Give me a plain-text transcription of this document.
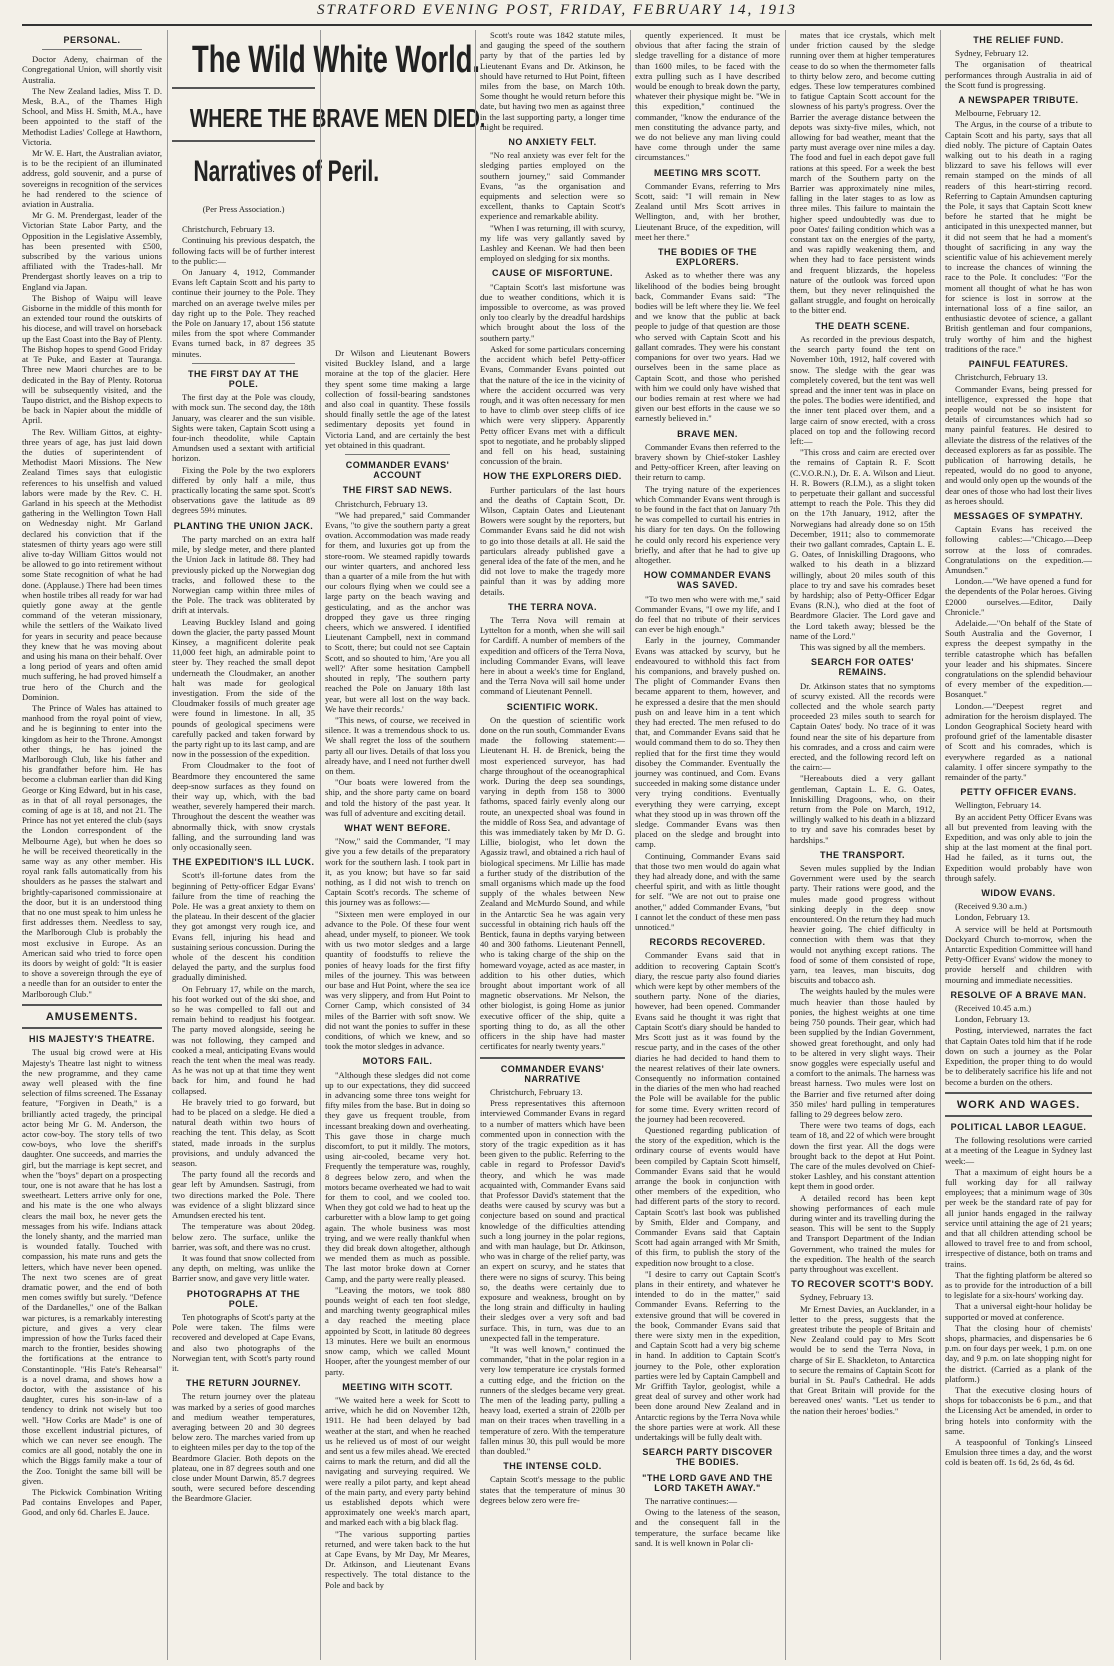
STRATFORD EVENING POST, FRIDAY, FEBRUARY 14, 1913
PERSONAL.

Doctor Adeny, chairman of the Congregational Union, will shortly visit Australia.

The New Zealand ladies, Miss T. D. Mesk, B.A., of the Thames High School, and Miss H. Smith, M.A., have been appointed to the staff of the Methodist Ladies' College at Hawthorn, Victoria.

Mr W. E. Hart, the Australian aviator, is to be the recipient of an illuminated address, gold souvenir, and a purse of sovereigns in recognition of the services he had rendered to the science of aviation in Australia.

Mr G. M. Prendergast, leader of the Victorian State Labor Party, and the Opposition in the Legislative Assembly, has been presented with £500, subscribed by the various unions affiliated with the Trades-hall. Mr Prendergast shortly leaves on a trip to England via Japan.

The Bishop of Waipu will leave Gisborne in the middle of this month for an extended tour round the outskirts of his diocese, and will travel on horseback up the East Coast into the Bay of Plenty. The Bishop hopes to spend Good Friday at Te Puke, and Easter at Tauranga. Three new Maori churches are to be dedicated in the Bay of Plenty. Rotorua will be subsequently visited, and the Taupo district, and the Bishop expects to be back in Napier about the middle of April.

The Rev. William Gittos, at eighty-three years of age, has just laid down the duties of superintendent of Methodist Maori Missions. The New Zealand Times says that eulogistic references to his unselfish and valued labors were made by the Rev. C. H. Garland in his speech at the Methodist gathering in the Wellington Town Hall on Wednesday night. Mr Garland declared his conviction that if the statesmen of thirty years ago were still alive to-day William Gittos would not be allowed to go into retirement without some State recognition of what he had done. (Applause.) There had been times when hostile tribes all ready for war had quietly gone away at the gentle command of the veteran missionary, while the settlers of the Waikato lived for years in security and peace because they knew that he was moving about and using his mana on their behalf. Over a long period of years and often amid much suffering, he had proved himself a true hero of the Church and the Dominion.

The Prince of Wales has attained to manhood from the royal point of view, and he is beginning to enter into the kingdom as heir to the Throne. Amongst other things, he has joined the Marlborough Club, like his father and his grandfather before him. He has become a clubman earlier than did King George or King Edward, but in his case, as in that of all royal personages, the coming of age is at 18, and not 21. The Prince has not yet entered the club (says the London correspondent of the Melbourne Age), but when he does so he will be received theoretically in the same way as any other member. His royal rank falls automatically from his shoulders as he passes the stalwart and brightly-caparisoned commissionaire at the door, but it is an understood thing that no one must speak to him unless he first addresses them. Needless to say, the Marlborough Club is probably the most exclusive in Europe. As an American said who tried to force open its doors by weight of gold: "It is easier to shove a sovereign through the eye of a needle than for an outsider to enter the Marlborough Club."

AMUSEMENTS.
HIS MAJESTY'S THEATRE.

The usual big crowd were at His Majesty's Theatre last night to witness the new programme, and they came away well pleased with the fine selection of films screened. The Essanay feature, "Forgiven in Death," is a brilliantly acted tragedy, the principal actor being Mr G. M. Anderson, the actor cow-boy. The story tells of two cow-boys, who love the sheriff's daughter. One succeeds, and marries the girl, but the marriage is kept secret, and when the "boys" depart on a prospecting tour, one is not aware that he has lost a sweetheart. Letters arrive only for one, and his mate is the one who always clears the mail box, he never gets the messages from his wife. Indians attack the lonely shanty, and the married man is wounded fatally. Touched with compassion, his mate runs and gets the letters, which have never been opened. The next two scenes are of great dramatic power, and the end of both men comes swiftly but surely. "Defence of the Dardanelles," one of the Balkan war pictures, is a remarkably interesting picture, and gives a very clear impression of how the Turks faced their march to the frontier, besides showing the fortifications at the entrance to Constantinople. "His Fate's Rehearsal" is a novel drama, and shows how a doctor, with the assistance of his daughter, cures his son-in-law of a tendency to drink not wisely but too well. "How Corks are Made" is one of those excellent industrial pictures, of which we can never see enough. The comics are all good, notably the one in which the Biggs family make a tour of the Zoo. Tonight the same bill will be given.

The Pickwick Combination Writing Pad contains Envelopes and Paper, Good, and only 6d. Charles E. Jauce.

The Wild White World.
WHERE THE BRAVE MEN DIED.
Narratives of Peril.
(Per Press Association.)

Christchurch, February 13.

Continuing his previous despatch, the following facts will be of further interest to the public:—

On January 4, 1912, Commander Evans left Captain Scott and his party to continue their journey to the Pole. They marched on an average twelve miles per day right up to the Pole. They reached the Pole on January 17, about 156 statute miles from the spot where Commander Evans turned back, in 87 degrees 35 minutes.

THE FIRST DAY AT THE POLE.

The first day at the Pole was cloudy, with mock sun. The second day, the 18th January, was clearer and the sun visible. Sights were taken, Captain Scott using a four-inch theodolite, while Captain Amundsen used a sextant with artificial horizon.

Fixing the Pole by the two explorers differed by only half a mile, thus practically locating the same spot. Scott's observations gave the latitude as 89 degrees 59½ minutes.

PLANTING THE UNION JACK.

The party marched on an extra half mile, by sledge meter, and there planted the Union Jack in latitude 88. They had previously picked up the Norwegian dog tracks, and followed these to the Norwegian camp within three miles of the Pole. The track was obliterated by drift at intervals.

Leaving Buckley Island and going down the glacier, the party passed Mount Kinsey, a magnificent dolerite peak 11,000 feet high, an admirable point to steer by. They reached the small depot underneath the Cloudmaker, an another halt was made for geological investigation. From the side of the Cloudmaker fossils of much greater age were found in limestone. In all, 35 pounds of geological specimens were carefully packed and taken forward by the party right up to its last camp, and are now in the possession of the expedition.

From Cloudmaker to the foot of Beardmore they encountered the same deep-snow surfaces as they found on their way up, which, with the bad weather, severely hampered their march. Throughout the descent the weather was abnormally thick, with snow crystals falling, and the surrounding land was only occasionally seen.

THE EXPEDITION'S ILL LUCK.

Scott's ill-fortune dates from the beginning of Petty-officer Edgar Evans' failure from the time of reaching the Pole. He was a great anxiety to them on the plateau. In their descent of the glacier they got amongst very rough ice, and Evans fell, injuring his head and sustaining serious concussion. During the whole of the descent his condition delayed the party, and the surplus food gradually diminished.

On February 17, while on the march, his foot worked out of the ski shoe, and so he was compelled to fall out and remain behind to readjust his footgear. The party moved alongside, seeing he was not following, they camped and cooked a meal, anticipating Evans would reach the tent when the meal was ready. As he was not up at that time they went back for him, and found he had collapsed.

He bravely tried to go forward, but had to be placed on a sledge. He died a natural death within two hours of reaching the tent. This delay, as Scott stated, made inroads in the surplus provisions, and unduly advanced the season.

The party found all the records and gear left by Amundsen. Sastrugi, from two directions marked the Pole. There was evidence of a slight blizzard since Amundsen erected his tent.

The temperature was about 20deg. below zero. The surface, unlike the barrier, was soft, and there was no crust.

It was found that snow collected from any depth, on melting, was unlike the Barrier snow, and gave very little water.

PHOTOGRAPHS AT THE POLE.

Ten photographs of Scott's party at the Pole were taken. The films were recovered and developed at Cape Evans, and also two photographs of the Norwegian tent, with Scott's party round it.

THE RETURN JOURNEY.

The return journey over the plateau was marked by a series of good marches and medium weather temperatures, averaging between 20 and 30 degrees below zero. The marches varied from up to eighteen miles per day to the top of the Beardmore Glacier. Both depots on the plateau, one in 87 degrees south and one close under Mount Darwin, 85.7 degrees south, were secured before descending the Beardmore Glacier.

Dr Wilson and Lieutenant Bowers visited Buckley Island, and a large moraine at the top of the glacier. Here they spent some time making a large collection of fossil-bearing sandstones and also coal in quantity. These fossils should finally settle the age of the latest sedimentary deposits yet found in Victoria Land, and are certainly the best yet obtained in this quadrant.

COMMANDER EVANS' ACCOUNT
THE FIRST SAD NEWS.

Christchurch, February 13.

"We had prepared," said Commander Evans, "to give the southern party a great ovation. Accommodation was made ready for them, and luxuries got up from the store-room. We steamed rapidly towards our winter quarters, and anchored less than a quarter of a mile from the hut with our colours flying when we could see a large party on the beach waving and gesticulating, and as the anchor was dropped they gave us three ringing cheers, which we answered. I identified Lieutenant Campbell, next in command to Scott, there; but could not see Captain Scott, and so shouted to him, 'Are you all well?' After some hesitation Campbell shouted in reply, 'The southern party reached the Pole on January 18th last year, but were all lost on the way back. We have their records.'

"This news, of course, we received in silence. It was a tremendous shock to us. We shall regret the loss of the southern party all our lives. Details of that loss you already have, and I need not further dwell on them.

"Our boats were lowered from the ship, and the shore party came on board and told the history of the past year. It was full of adventure and exciting detail.

WHAT WENT BEFORE.

"Now," said the Commander, "I may give you a few details of the preparatory work for the southern lash. I took part in it, as you know; but have so far said nothing, as I did not wish to trench on Captain Scott's records. The scheme of this journey was as follows:—

"Sixteen men were employed in our advance to the Pole. Of these four went ahead, under myself, to pioneer. We took with us two motor sledges and a large quantity of foodstuffs to relieve the ponies of heavy loads for the first fifty miles of the journey. This was between our base and Hut Point, where the sea ice was very slippery, and from Hut Point to Corner Camp, which consisted of 34 miles of the Barrier with soft snow. We did not want the ponies to suffer in these conditions, of which we knew, and so took the motor sledges in advance.

MOTORS FAIL.

"Although these sledges did not come up to our expectations, they did succeed in advancing some three tons weight for fifty miles from the base. But in doing so they gave us frequent trouble, from incessant breaking down and overheating. This gave those in charge much discomfort, to put it mildly. The motors, using air-cooled, became very hot. Frequently the temperature was, roughly, 8 degrees below zero, and when the motors became overheated we had to wait for them to cool, and we cooled too. When they got cold we had to heat up the carburetter with a blow lamp to get going again. The whole business was most trying, and we were really thankful when they did break down altogether, although we mended them as much as possible. The last motor broke down at Corner Camp, and the party were really pleased.

"Leaving the motors, we took 880 pounds weight of each ten foot sledge, and marching twenty geographical miles a day reached the meeting place appointed by Scott, in latitude 80 degrees 13 minutes. Here we built an enormous snow camp, which we called Mount Hooper, after the youngest member of our party.

MEETING WITH SCOTT.

"We waited here a week for Scott to arrive, which he did on November 12th, 1911. He had been delayed by bad weather at the start, and when he reached us he relieved us of most of our weight and sent us a few miles ahead. We erected cairns to mark the return, and did all the navigating and surveying required. We were really a pilot party, and kept ahead of the main party, and every party behind us established depots which were approximately one week's march apart, and marked each with a big black flag.

"The various supporting parties returned, and were taken back to the hut at Cape Evans, by Mr Day, Mr Meares, Dr. Atkinson, and Lieutenant Evans respectively. The total distance to the Pole and back by

Scott's route was 1842 statute miles, and gauging the speed of the southern party by that of the parties led by Lieutenant Evans and Dr. Atkinson, he should have returned to Hut Point, fifteen miles from the base, on March 10th. Some thought he would return before this date, but having two men as against three in the last supporting party, a longer time might be required.

NO ANXIETY FELT.

"No real anxiety was ever felt for the sledging parties employed on the southern journey," said Commander Evans, "as the organisation and equipments and selection were so excellent, thanks to Captain Scott's experience and remarkable ability.

"When I was returning, ill with scurvy, my life was very gallantly saved by Lashley and Keenan. We had then been employed on sledging for six months.

CAUSE OF MISFORTUNE.

"Captain Scott's last misfortune was due to weather conditions, which it is impossible to overcome, as was proved only too clearly by the dreadful hardships which brought about the loss of the southern party."

Asked for some particulars concerning the accident which befel Petty-officer Evans, Commander Evans pointed out that the nature of the ice in the vicinity of where the accident occurred was very rough, and it was often necessary for men to have to climb over steep cliffs of ice which were very slippery. Apparently Petty officer Evans met with a difficult spot to negotiate, and he probably slipped and fell on his head, sustaining concussion of the brain.

HOW THE EXPLORERS DIED.

Further particulars of the last hours and the deaths of Captain Scott, Dr. Wilson, Captain Oates and Lieutenant Bowers were sought by the reporters, but Commander Evans said he did not wish to go into those details at all. He said the particulars already published gave a general idea of the fate of the men, and he did not love to make the tragedy more painful than it was by adding more details.

THE TERRA NOVA.

The Terra Nova will remain at Lyttelton for a month, when she will sail for Cardiff. A number of members of the expedition and officers of the Terra Nova, including Commander Evans, will leave here in about a week's time for England, and the Terra Nova will sail home under command of Lieutenant Pennell.

SCIENTIFIC WORK.

On the question of scientific work done on the run south, Commander Evans made the following statement:—Lieutenant H. H. de Brenick, being the most experienced surveyor, has had charge throughout of the oceanographical work. During the deep sea soundings, varying in depth from 158 to 3000 fathoms, spaced fairly evenly along our route, an unexpected shoal was found in the middle of Ross Sea, and advantage of this was immediately taken by Mr D. G. Lillie, biologist, who let down the Agassiz trawl, and obtained a rich haul of biological specimens. Mr Lillie has made a further study of the distribution of the small organisms which made up the food supply of the whales between New Zealand and McMurdo Sound, and while in the Antarctic Sea he was again very successful in obtaining rich hauls off the Bentick, fauna in depths varying between 40 and 300 fathoms. Lieutenant Pennell, who is taking charge of the ship on the homeward voyage, acted as ace master, in addition to his other duties, which brought about important work of all magnetic observations. Mr Nelson, the other biologist, is going Home as junior executive officer of the ship, quite a sporting thing to do, as all the other officers in the ship have had master certificates for nearly twenty years."

COMMANDER EVANS' NARRATIVE

Christchurch, February 13.

Press representatives this afternoon interviewed Commander Evans in regard to a number of matters which have been commented upon in connection with the story of the tragic expedition as it has been given to the public. Referring to the cable in regard to Professor David's theory, and which he was made acquainted with, Commander Evans said that Professor David's statement that the deaths were caused by scurvy was but a conjecture based on sound and practical knowledge of the difficulties attending such a long journey in the polar regions, and with man haulage, but Dr. Atkinson, who was in charge of the relief party, was an expert on scurvy, and he states that there were no signs of scurvy. This being so, the deaths were certainly due to exposure and weakness, brought on by the long strain and difficulty in hauling their sledges over a very soft and bad surface. This, in turn, was due to an unexpected fall in the temperature.

"It was well known," continued the commander, "that in the polar region in a very low temperature ice crystals formed a cutting edge, and the friction on the runners of the sledges became very great. The men of the leading party, pulling a heavy load, exerted a strain of 220lb per man on their traces when travelling in a temperature of zero. With the temperature fallen minus 30, this pull would be more than doubled."

THE INTENSE COLD.

Captain Scott's message to the public states that the temperature of minus 30 degrees below zero were fre-

quently experienced. It must be obvious that after facing the strain of sledge travelling for a distance of more than 1600 miles, to be faced with the extra pulling such as I have described would be enough to break down the party, whatever their physique might be. "We in this expedition," continued the commander, "know the endurance of the men constituting the advance party, and we do not believe any man living could have come through under the same circumstances."

MEETING MRS SCOTT.

Commander Evans, referring to Mrs Scott, said: "I will remain in New Zealand until Mrs Scott arrives in Wellington, and, with her brother, Lieutenant Bruce, of the expedition, will meet her there."

THE BODIES OF THE EXPLORERS.

Asked as to whether there was any likelihood of the bodies being brought back, Commander Evans said: "The bodies will be left where they lie. We feel and we know that the public at back people to judge of that question are those who served with Captain Scott and his gallant comrades. They were his constant companions for over two years. Had we ourselves been in the same place as Captain Scott, and those who perished with him we could only have wished that our bodies remain at rest where we had given our best efforts in the cause we so earnestly believed in."

BRAVE MEN.

Commander Evans then referred to the bravery shown by Chief-stoker Lashley and Petty-officer Kreen, after leaving on their return to camp.

The trying nature of the experiences which Commander Evans went through is to be found in the fact that on January 7th he was compelled to curtail his entries in his diary for ten days. On the following he could only record his experience very briefly, and after that he had to give up altogether.

HOW COMMANDER EVANS WAS SAVED.

"To two men who were with me," said Commander Evans, "I owe my life, and I do feel that no tribute of their services can ever be high enough."

Early in the journey, Commander Evans was attacked by scurvy, but he endeavoured to withhold this fact from his companions, and bravely pushed on. The plight of Commander Evans then became apparent to them, however, and he expressed a desire that the men should push on and leave him in a tent which they had erected. The men refused to do that, and Commander Evans said that he would command them to do so. They then replied that for the first time they would disobey the Commander. Eventually the journey was continued, and Com. Evans succeeded in making some distance under very trying conditions. Eventually everything they were carrying, except what they stood up in was thrown off the sledge. Commander Evans was then placed on the sledge and brought into camp.

Continuing, Commander Evans said that those two men would do again what they had already done, and with the same cheerful spirit, and with as little thought for self. "We are not out to praise one another," added Commander Evans, "but I cannot let the conduct of these men pass unnoticed."

RECORDS RECOVERED.

Commander Evans said that in addition to recovering Captain Scott's diary, the rescue party also found diaries which were kept by other members of the southern party. None of the diaries, however, had been opened. Commander Evans said he thought it was right that Captain Scott's diary should be handed to Mrs Scott just as it was found by the rescue party, and in the cases of the other diaries he had decided to hand them to the nearest relatives of their late owners. Consequently no information contained in the diaries of the men who had reached the Pole will be available for the public for some time. Every written record of the journey had been recovered.

Questioned regarding publication of the story of the expedition, which is the ordinary course of events would have been compiled by Captain Scott himself, Commander Evans said that he would arrange the book in conjunction with other members of the expedition, who had different parts of the story to record. Captain Scott's last book was published by Smith, Elder and Company, and Commander Evans said that Captain Scott had again arranged with Mr Smith, of this firm, to publish the story of the expedition now brought to a close.

"I desire to carry out Captain Scott's plans in their entirety, and whatever he intended to do in the matter," said Commander Evans. Referring to the extensive ground that will be covered in the book, Commander Evans said that there were sixty men in the expedition, and Captain Scott had a very big scheme in hand. In addition to Captain Scott's journey to the Pole, other exploration parties were led by Captain Campbell and Mr Griffith Taylor, geologist, while a great deal of survey and other work had been done around New Zealand and in Antarctic regions by the Terra Nova while the shore parties were at work. All these undertakings will be fully dealt with.

SEARCH PARTY DISCOVER THE BODIES.
"THE LORD GAVE AND THE LORD TAKETH AWAY."

The narrative continues:—

Owing to the lateness of the season, and the consequent fall in the temperature, the surface became like sand. It is well known in Polar cli-

mates that ice crystals, which melt under friction caused by the sledge running over them at higher temperatures cease to do so when the thermometer falls to thirty below zero, and become cutting edges. These low temperatures combined to fatigue Captain Scott account for the slowness of his party's progress. Over the Barrier the average distance between the depots was sixty-five miles, which, not allowing for bad weather, meant that the party must average over nine miles a day. The food and fuel in each depot gave full rations at this speed. For a week the best march of the Southern party on the Barrier was approximately nine miles, falling in the later stages to as low as three miles. This failure to maintain the higher speed undoubtedly was due to poor Oates' failing condition which was a constant tax on the energies of the party, and was rapidly weakening them, and when they had to face persistent winds and frequent blizzards, the hopeless nature of the outlook was forced upon them, but they never relinquished the gallant struggle, and fought on heroically to the bitter end.

THE DEATH SCENE.

As recorded in the previous despatch, the search party found the tent on November 10th, 1912, half covered with snow. The sledge with the gear was completely covered, but the tent was well spread and the inner tent was in place on the poles. The bodies were identified, and the inner tent placed over them, and a large cairn of snow erected, with a cross placed on top and the following record left:—

"This cross and cairn are erected over the remains of Captain R. F. Scott (C.V.O.R.N.), Dr. E. A. Wilson and Lieut. H. R. Bowers (R.I.M.), as a slight token to perpetuate their gallant and successful attempt to reach the Pole. This they did on the 17th January, 1912, after the Norwegians had already done so on 15th December, 1911; also to commemorate their two gallant comrades, Captain L. E. G. Oates, of Inniskilling Dragoons, who walked to his death in a blizzard willingly, about 20 miles south of this place to try and save his comrades beset by hardship; also of Petty-Officer Edgar Evans (R.N.), who died at the foot of Beardmore Glacier. The Lord gave and the Lord taketh away; blessed be the name of the Lord."

This was signed by all the members.

SEARCH FOR OATES' REMAINS.

Dr. Atkinson states that no symptoms of scurvy existed. All the records were collected and the whole search party proceeded 23 miles south to search for Captain Oates' body. No trace of it was found near the site of his departure from his comrades, and a cross and cairn were erected, and the following record left on the cairn:—

"Hereabouts died a very gallant gentleman, Captain L. E. G. Oates, Inniskilling Dragoons, who, on their return from the Pole on March, 1912, willingly walked to his death in a blizzard to try and save his comrades beset by hardships."

THE TRANSPORT.

Seven mules supplied by the Indian Government were used by the search party. Their rations were good, and the mules made good progress without sinking deeply in the deep snow encountered. On the return they had much heavier going. The chief difficulty in connection with them was that they would not anything except rations. The food of some of them consisted of rope, yarn, tea leaves, man biscuits, dog biscuits and tobacco ash.

The weights hauled by the mules were much heavier than those hauled by ponies, the highest weights at one time being 750 pounds. Their gear, which had been supplied by the Indian Government, showed great forethought, and only had to be altered in very slight ways. Their snow goggles were especially useful and a comfort to the animals. The harness was breast harness. Two mules were lost on the Barrier and five returned after doing 350 miles' hard pulling in temperatures falling to 29 degrees below zero.

There were two teams of dogs, each team of 18, and 22 of which were brought down the first year. All the dogs were brought back to the depot at Hut Point. The care of the mules devolved on Chief-stoker Lashley, and his constant attention kept them in good order.

A detailed record has been kept showing performances of each mule during winter and its travelling during the season. This will be sent to the Supply and Transport Department of the Indian Government, who trained the mules for the expedition. The health of the search party throughout was excellent.

TO RECOVER SCOTT'S BODY.

Sydney, February 13.

Mr Ernest Davies, an Aucklander, in a letter to the press, suggests that the greatest tribute the people of Britain and New Zealand could pay to Mrs Scott would be to send the Terra Nova, in charge of Sir E. Shackleton, to Antarctica to secure the remains of Captain Scott for burial in St. Paul's Cathedral. He adds that Great Britain will provide for the bereaved ones' wants. "Let us tender to the nation their heroes' bodies."

THE RELIEF FUND.

Sydney, February 12.

The organisation of theatrical performances through Australia in aid of the Scott fund is progressing.

A NEWSPAPER TRIBUTE.

Melbourne, February 12.

The Argus, in the course of a tribute to Captain Scott and his party, says that all died nobly. The picture of Captain Oates walking out to his death in a raging blizzard to save his fellows will ever remain stamped on the minds of all readers of this heart-stirring record. Referring to Captain Amundsen capturing the Pole, it says that Captain Scott knew before he started that he might be anticipated in this unexpected manner, but it did not seem that he had a moment's thought of sacrificing in any way the scientific value of his achievement merely to increase the chances of winning the race to the Pole. It concludes: "For the moment all thought of what he has won for science is lost in sorrow at the international loss of a fine sailor, an enthusiastic devotee of science, a gallant British gentleman and four companions, truly worthy of him and the highest traditions of the race."

PAINFUL FEATURES.

Christchurch, February 13.

Commander Evans, being pressed for intelligence, expressed the hope that people would not be so insistent for details of circumstances which had so many painful features. He desired to alleviate the distress of the relatives of the deceased explorers as far as possible. The publication of harrowing details, he repeated, would do no good to anyone, and would only open up the wounds of the dear ones of those who had lost their lives as heroes should.

MESSAGES OF SYMPATHY.

Captain Evans has received the following cables:—"Chicago.—Deep sorrow at the loss of comrades. Congratulations on the expedition.—Amundsen."

London.—"We have opened a fund for the dependents of the Polar heroes. Giving £2000 ourselves.—Editor, Daily Chronicle."

Adelaide.—"On behalf of the State of South Australia and the Governor, I express the deepest sympathy in the terrible catastrophe which has befallen your leader and his shipmates. Sincere congratulations on the splendid behaviour of every member of the expedition.—Bosanquet."

London.—"Deepest regret and admiration for the heroism displayed. The London Geographical Society heard with profound grief of the lamentable disaster of Scott and his comrades, which is everywhere regarded as a national calamity. I offer sincere sympathy to the remainder of the party."

PETTY OFFICER EVANS.

Wellington, February 14.

By an accident Petty Officer Evans was all but prevented from leaving with the Expedition, and was only able to join the ship at the last moment at the final port. Had he failed, as it turns out, the Expedition would probably have won through safely.

WIDOW EVANS.

(Received 9.30 a.m.)

London, February 13.

A service will be held at Portsmouth Dockyard Church to-morrow, when the Antarctic Expedition Committee will hand Petty-Officer Evans' widow the money to provide herself and children with mourning and immediate necessities.

RESOLVE OF A BRAVE MAN.

(Received 10.45 a.m.)

London, February 13.

Posting, interviewed, narrates the fact that Captain Oates told him that if he rode down on such a journey as the Polar Expedition, the proper thing to do would be to deliberately sacrifice his life and not become a burden on the others.

WORK AND WAGES.
POLITICAL LABOR LEAGUE.

The following resolutions were carried at a meeting of the League in Sydney last week:—

That a maximum of eight hours be a full working day for all railway employees; that a minimum wage of 30s per week be the standard rate of pay for all junior hands engaged in the railway service until attaining the age of 21 years; and that all children attending school be allowed to travel free to and from school, irrespective of distance, both on trams and trains.

That the fighting platform be altered so as to provide for the introduction of a bill to legislate for a six-hours' working day.

That a universal eight-hour holiday be supported or moved at conference.

That the closing hour of chemists' shops, pharmacies, and dispensaries be 6 p.m. on four days per week, 1 p.m. on one day, and 9 p.m. on late shopping night for the district. (Carried as a plank of the platform.)

That the executive closing hours of shops for tobacconists be 6 p.m., and that the Licensing Act be amended, in order to bring hotels into conformity with the same.

A teaspoonful of Tonking's Linseed Emulsion three times a day, and the worst cold is beaten off. 1s 6d, 2s 6d, 4s 6d.
